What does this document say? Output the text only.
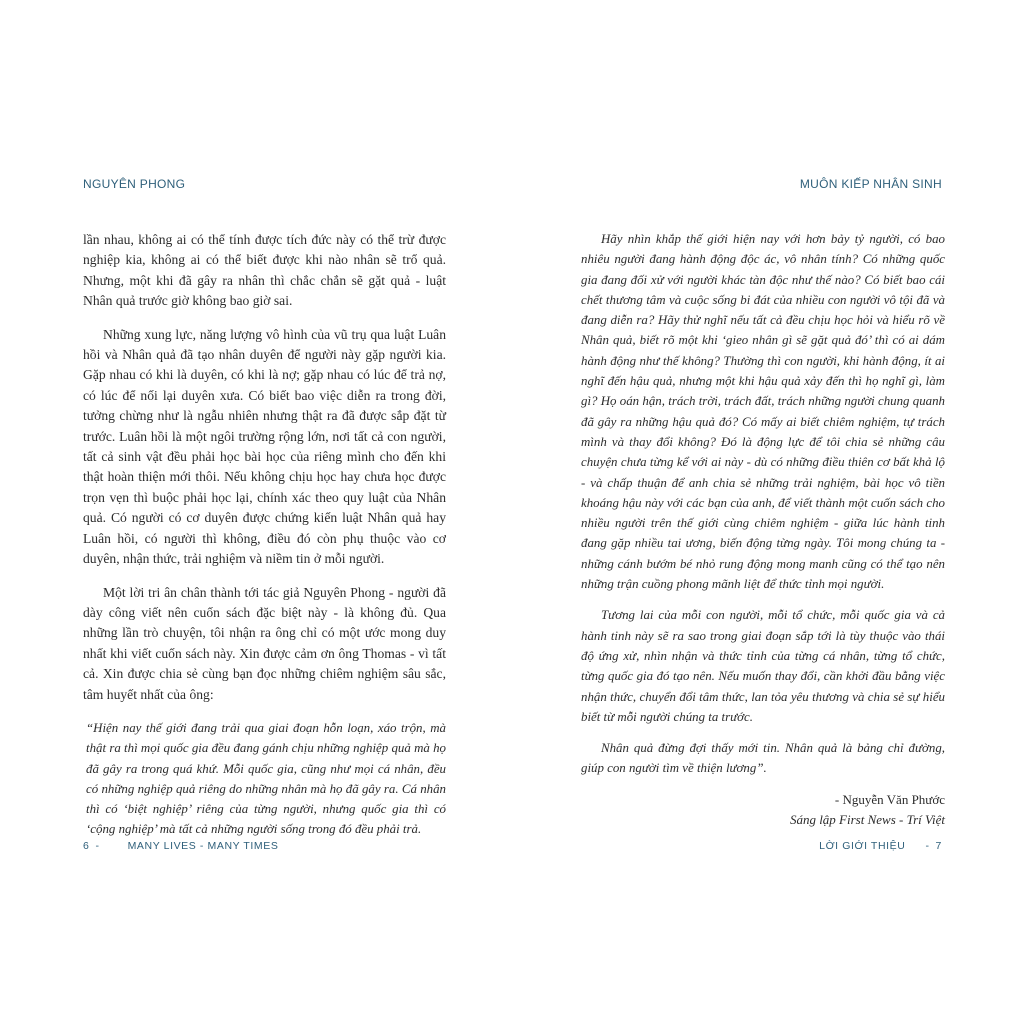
NGUYÊN PHONG

lần nhau, không ai có thể tính được tích đức này có thể trừ được nghiệp kia, không ai có thể biết được khi nào nhân sẽ trổ quả. Nhưng, một khi đã gây ra nhân thì chắc chắn sẽ gặt quả - luật Nhân quả trước giờ không bao giờ sai.

Những xung lực, năng lượng vô hình của vũ trụ qua luật Luân hồi và Nhân quả đã tạo nhân duyên để người này gặp người kia. Gặp nhau có khi là duyên, có khi là nợ; gặp nhau có lúc để trả nợ, có lúc để nối lại duyên xưa. Có biết bao việc diễn ra trong đời, tưởng chừng như là ngẫu nhiên nhưng thật ra đã được sắp đặt từ trước. Luân hồi là một ngôi trường rộng lớn, nơi tất cả con người, tất cả sinh vật đều phải học bài học của riêng mình cho đến khi thật hoàn thiện mới thôi. Nếu không chịu học hay chưa học được trọn vẹn thì buộc phải học lại, chính xác theo quy luật của Nhân quả. Có người có cơ duyên được chứng kiến luật Nhân quả hay Luân hồi, có người thì không, điều đó còn phụ thuộc vào cơ duyên, nhận thức, trải nghiệm và niềm tin ở mỗi người.

Một lời tri ân chân thành tới tác giả Nguyên Phong - người đã dày công viết nên cuốn sách đặc biệt này - là không đủ. Qua những lần trò chuyện, tôi nhận ra ông chỉ có một ước mong duy nhất khi viết cuốn sách này. Xin được cảm ơn ông Thomas - vì tất cả. Xin được chia sẻ cùng bạn đọc những chiêm nghiệm sâu sắc, tâm huyết nhất của ông:

“Hiện nay thế giới đang trải qua giai đoạn hỗn loạn, xáo trộn, mà thật ra thì mọi quốc gia đều đang gánh chịu những nghiệp quả mà họ đã gây ra trong quá khứ. Mỗi quốc gia, cũng như mọi cá nhân, đều có những nghiệp quả riêng do những nhân mà họ đã gây ra. Cá nhân thì có ‘biệt nghiệp’ riêng của từng người, nhưng quốc gia thì có ‘cộng nghiệp’ mà tất cả những người sống trong đó đều phải trả.

6 -	MANY LIVES - MANY TIMES
MUÔN KIẾP NHÂN SINH

Hãy nhìn khắp thế giới hiện nay với hơn bảy tỷ người, có bao nhiêu người đang hành động độc ác, vô nhân tính? Có những quốc gia đang đối xử với người khác tàn độc như thế nào? Có biết bao cái chết thương tâm và cuộc sống bi đát của nhiều con người vô tội đã và đang diễn ra? Hãy thử nghĩ nếu tất cả đều chịu học hỏi và hiểu rõ về Nhân quả, biết rõ một khi ‘gieo nhân gì sẽ gặt quả đó’ thì có ai dám hành động như thế không? Thường thì con người, khi hành động, ít ai nghĩ đến hậu quả, nhưng một khi hậu quả xảy đến thì họ nghĩ gì, làm gì? Họ oán hận, trách trời, trách đất, trách những người chung quanh đã gây ra những hậu quả đó? Có mấy ai biết chiêm nghiệm, tự trách mình và thay đổi không? Đó là động lực để tôi chia sẻ những câu chuyện chưa từng kể với ai này - dù có những điều thiên cơ bất khả lộ - và chấp thuận để anh chia sẻ những trải nghiệm, bài học vô tiền khoáng hậu này với các bạn của anh, để viết thành một cuốn sách cho nhiều người trên thế giới cùng chiêm nghiệm - giữa lúc hành tinh đang gặp nhiều tai ương, biến động từng ngày. Tôi mong chúng ta - những cánh bướm bé nhỏ rung động mong manh cũng có thể tạo nên những trận cuồng phong mãnh liệt để thức tỉnh mọi người.

Tương lai của mỗi con người, mỗi tổ chức, mỗi quốc gia và cả hành tinh này sẽ ra sao trong giai đoạn sắp tới là tùy thuộc vào thái độ ứng xử, nhìn nhận và thức tỉnh của từng cá nhân, từng tổ chức, từng quốc gia đó tạo nên. Nếu muốn thay đổi, cần khởi đầu bằng việc nhận thức, chuyển đổi tâm thức, lan tỏa yêu thương và chia sẻ sự hiểu biết từ mỗi người chúng ta trước.

Nhân quả đừng đợi thấy mới tin. Nhân quả là bảng chỉ đường, giúp con người tìm về thiện lương”.

- Nguyễn Văn Phước
Sáng lập First News - Trí Việt
LỜI GIỚI THIỆU - 7
